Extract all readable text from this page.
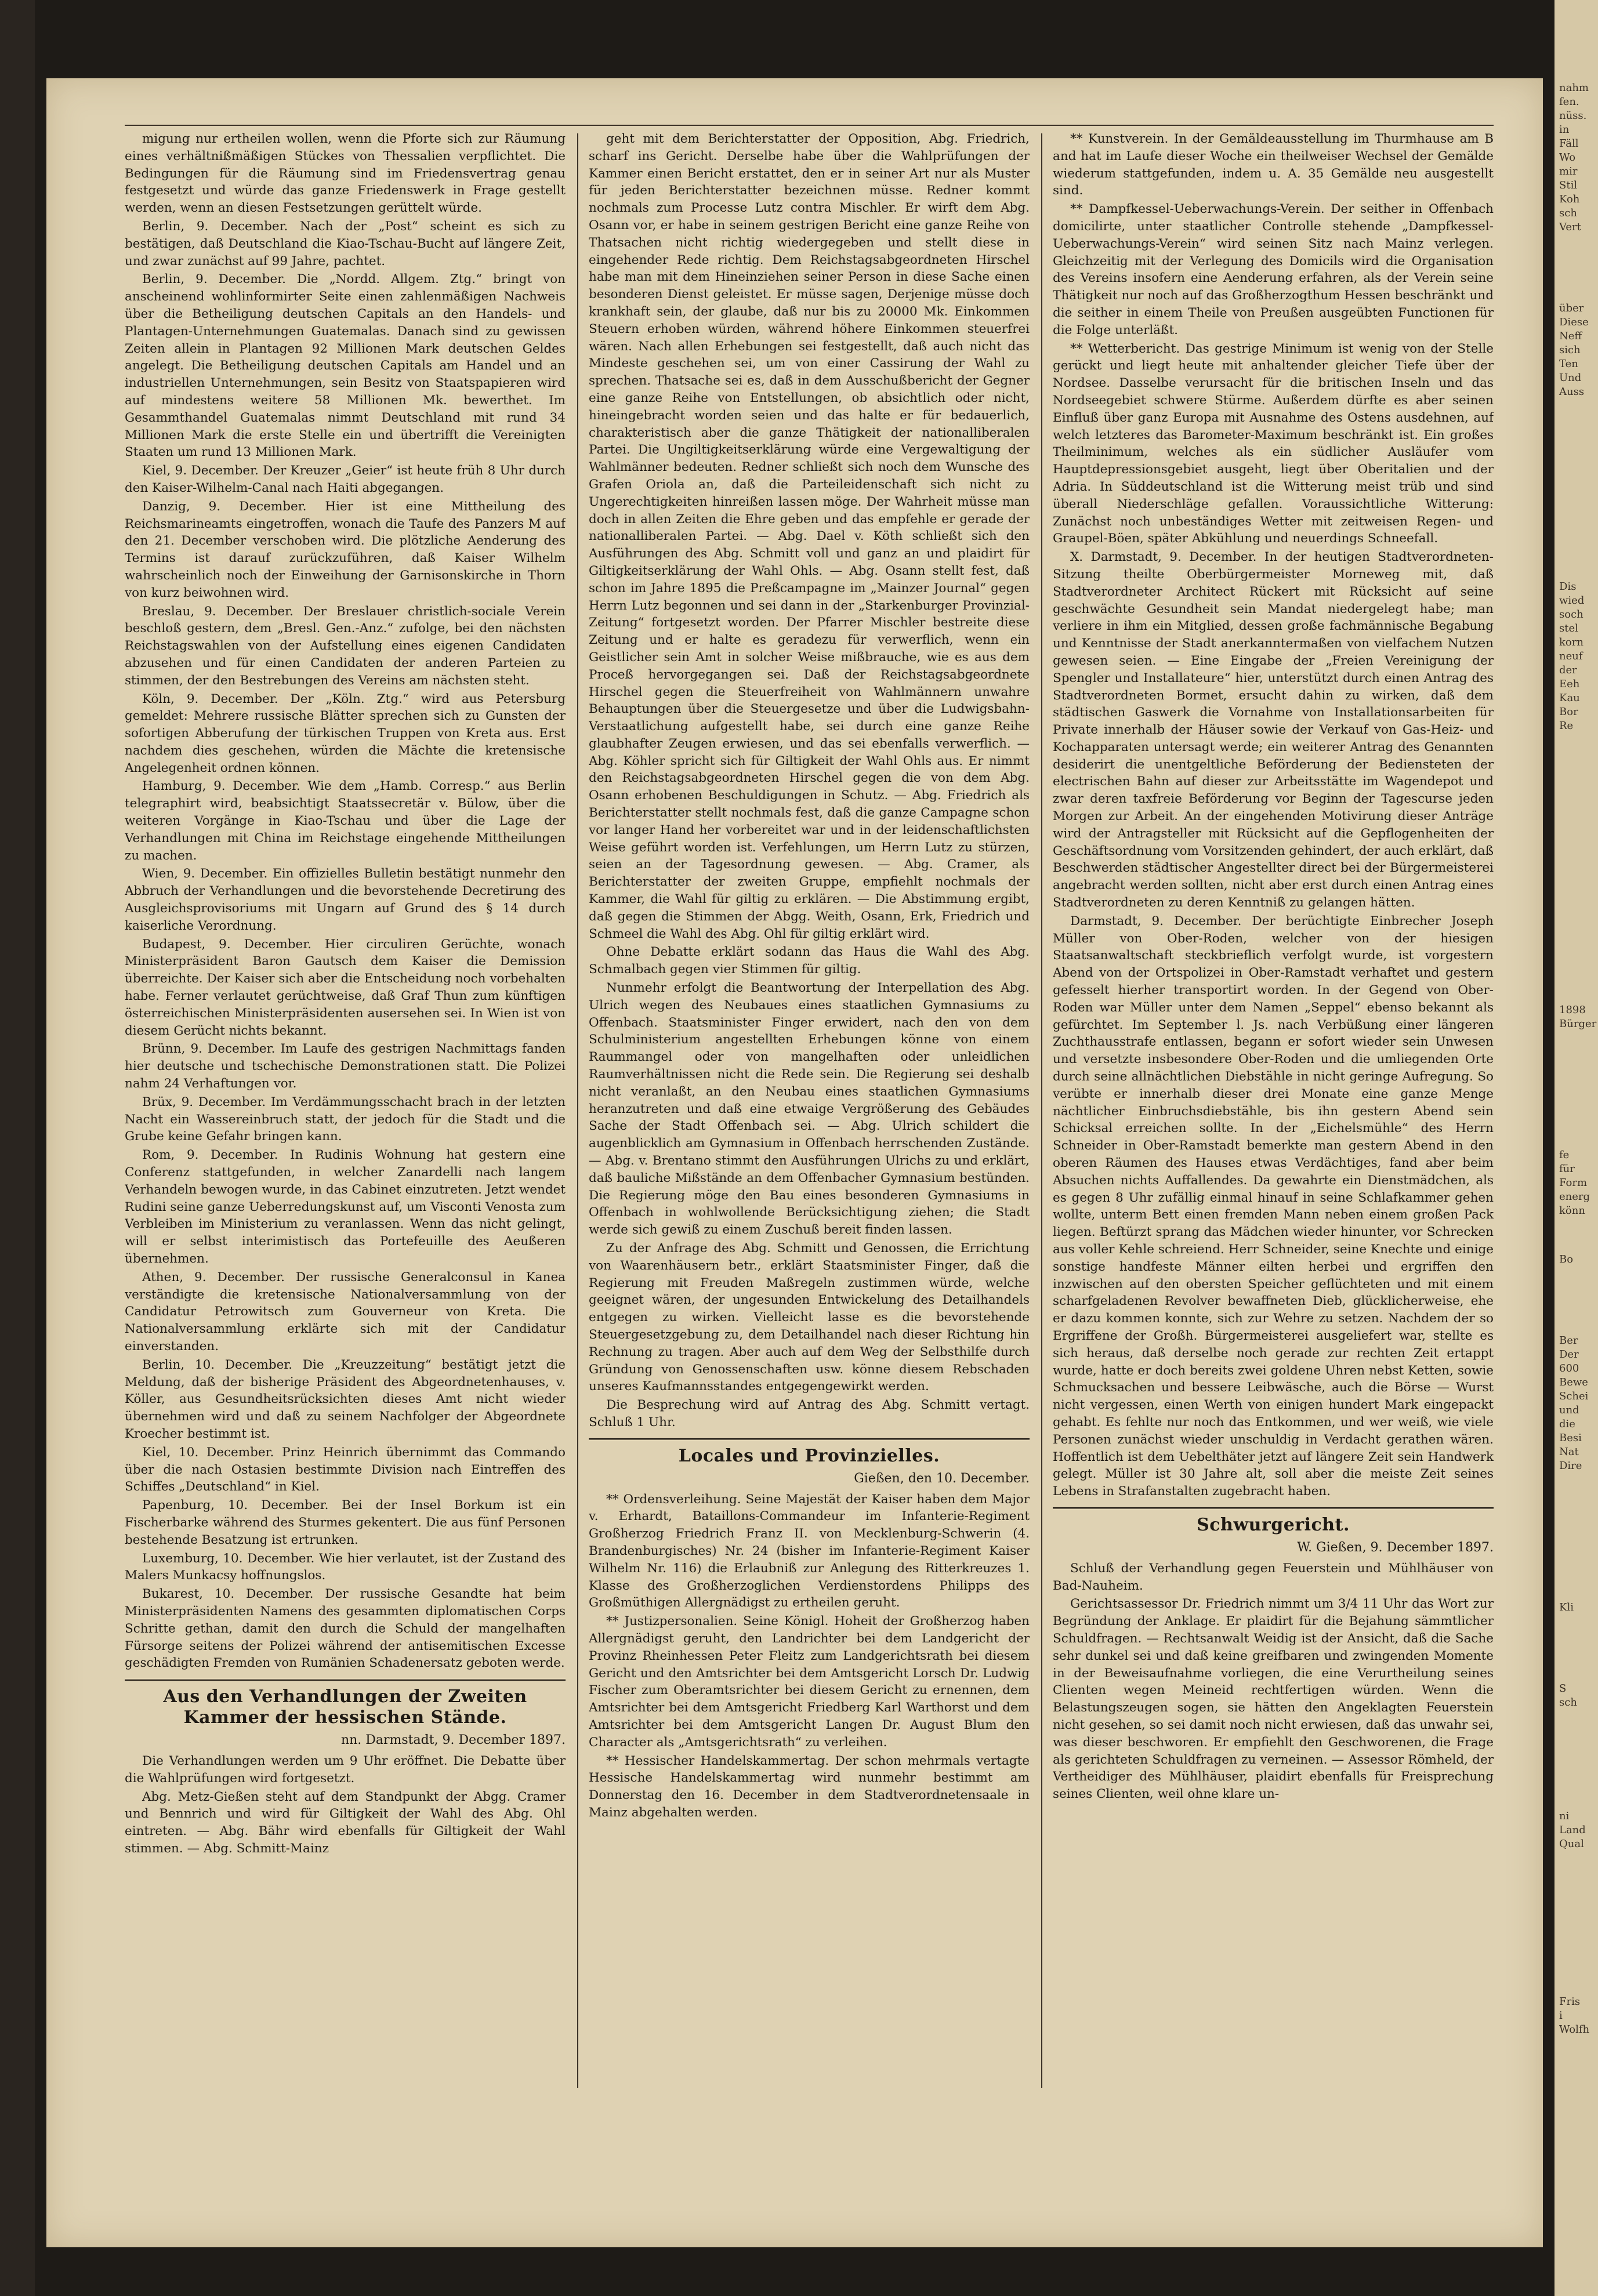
migung nur ertheilen wollen, wenn die Pforte sich zur Räumung eines verhältnißmäßigen Stückes von Thessalien verpflichtet. Die Bedingungen für die Räumung sind im Friedensvertrag genau festgesetzt und würde das ganze Friedenswerk in Frage gestellt werden, wenn an diesen Festsetzungen gerüttelt würde.

Berlin, 9. December. Nach der „Post“ scheint es sich zu bestätigen, daß Deutschland die Kiao-Tschau-Bucht auf längere Zeit, und zwar zunächst auf 99 Jahre, pachtet.

Berlin, 9. December. Die „Nordd. Allgem. Ztg.“ bringt von anscheinend wohlinformirter Seite einen zahlenmäßigen Nachweis über die Betheiligung deutschen Capitals an den Handels- und Plantagen-Unternehmungen Guatemalas. Danach sind zu gewissen Zeiten allein in Plantagen 92 Millionen Mark deutschen Geldes angelegt. Die Betheiligung deutschen Capitals am Handel und an industriellen Unternehmungen, sein Besitz von Staatspapieren wird auf mindestens weitere 58 Millionen Mk. bewerthet. Im Gesammthandel Guatemalas nimmt Deutschland mit rund 34 Millionen Mark die erste Stelle ein und übertrifft die Vereinigten Staaten um rund 13 Millionen Mark.

Kiel, 9. December. Der Kreuzer „Geier“ ist heute früh 8 Uhr durch den Kaiser-Wilhelm-Canal nach Haiti abgegangen.

Danzig, 9. December. Hier ist eine Mittheilung des Reichsmarineamts eingetroffen, wonach die Taufe des Panzers M auf den 21. December verschoben wird. Die plötzliche Aenderung des Termins ist darauf zurückzuführen, daß Kaiser Wilhelm wahrscheinlich noch der Einweihung der Garnisonskirche in Thorn von kurz beiwohnen wird.

Breslau, 9. December. Der Breslauer christlich-sociale Verein beschloß gestern, dem „Bresl. Gen.-Anz.“ zufolge, bei den nächsten Reichstagswahlen von der Aufstellung eines eigenen Candidaten abzusehen und für einen Candidaten der anderen Parteien zu stimmen, der den Bestrebungen des Vereins am nächsten steht.

Köln, 9. December. Der „Köln. Ztg.“ wird aus Petersburg gemeldet: Mehrere russische Blätter sprechen sich zu Gunsten der sofortigen Abberufung der türkischen Truppen von Kreta aus. Erst nachdem dies geschehen, würden die Mächte die kretensische Angelegenheit ordnen können.

Hamburg, 9. December. Wie dem „Hamb. Corresp.“ aus Berlin telegraphirt wird, beabsichtigt Staatssecretär v. Bülow, über die weiteren Vorgänge in Kiao-Tschau und über die Lage der Verhandlungen mit China im Reichstage eingehende Mittheilungen zu machen.

Wien, 9. December. Ein offizielles Bulletin bestätigt nunmehr den Abbruch der Verhandlungen und die bevorstehende Decretirung des Ausgleichsprovisoriums mit Ungarn auf Grund des § 14 durch kaiserliche Verordnung.

Budapest, 9. December. Hier circuliren Gerüchte, wonach Ministerpräsident Baron Gautsch dem Kaiser die Demission überreichte. Der Kaiser sich aber die Entscheidung noch vorbehalten habe. Ferner verlautet gerüchtweise, daß Graf Thun zum künftigen österreichischen Ministerpräsidenten ausersehen sei. In Wien ist von diesem Gerücht nichts bekannt.

Brünn, 9. December. Im Laufe des gestrigen Nachmittags fanden hier deutsche und tschechische Demonstrationen statt. Die Polizei nahm 24 Verhaftungen vor.

Brüx, 9. December. Im Verdämmungsschacht brach in der letzten Nacht ein Wassereinbruch statt, der jedoch für die Stadt und die Grube keine Gefahr bringen kann.

Rom, 9. December. In Rudinis Wohnung hat gestern eine Conferenz stattgefunden, in welcher Zanardelli nach langem Verhandeln bewogen wurde, in das Cabinet einzutreten. Jetzt wendet Rudini seine ganze Ueberredungskunst auf, um Visconti Venosta zum Verbleiben im Ministerium zu veranlassen. Wenn das nicht gelingt, will er selbst interimistisch das Portefeuille des Aeußeren übernehmen.

Athen, 9. December. Der russische Generalconsul in Kanea verständigte die kretensische Nationalversammlung von der Candidatur Petrowitsch zum Gouverneur von Kreta. Die Nationalversammlung erklärte sich mit der Candidatur einverstanden.

Berlin, 10. December. Die „Kreuzzeitung“ bestätigt jetzt die Meldung, daß der bisherige Präsident des Abgeordnetenhauses, v. Köller, aus Gesundheitsrücksichten dieses Amt nicht wieder übernehmen wird und daß zu seinem Nachfolger der Abgeordnete Kroecher bestimmt ist.

Kiel, 10. December. Prinz Heinrich übernimmt das Commando über die nach Ostasien bestimmte Division nach Eintreffen des Schiffes „Deutschland“ in Kiel.

Papenburg, 10. December. Bei der Insel Borkum ist ein Fischerbarke während des Sturmes gekentert. Die aus fünf Personen bestehende Besatzung ist ertrunken.

Luxemburg, 10. December. Wie hier verlautet, ist der Zustand des Malers Munkacsy hoffnungslos.

Bukarest, 10. December. Der russische Gesandte hat beim Ministerpräsidenten Namens des gesammten diplomatischen Corps Schritte gethan, damit den durch die Schuld der mangelhaften Fürsorge seitens der Polizei während der antisemitischen Excesse geschädigten Fremden von Rumänien Schadenersatz geboten werde.

Aus den Verhandlungen der Zweiten Kammer der hessischen Stände.
nn. Darmstadt, 9. December 1897.

Die Verhandlungen werden um 9 Uhr eröffnet. Die Debatte über die Wahlprüfungen wird fortgesetzt.

Abg. Metz-Gießen steht auf dem Standpunkt der Abgg. Cramer und Bennrich und wird für Giltigkeit der Wahl des Abg. Ohl eintreten. — Abg. Bähr wird ebenfalls für Giltigkeit der Wahl stimmen. — Abg. Schmitt-Mainz

geht mit dem Berichterstatter der Opposition, Abg. Friedrich, scharf ins Gericht. Derselbe habe über die Wahlprüfungen der Kammer einen Bericht erstattet, den er in seiner Art nur als Muster für jeden Berichterstatter bezeichnen müsse. Redner kommt nochmals zum Processe Lutz contra Mischler. Er wirft dem Abg. Osann vor, er habe in seinem gestrigen Bericht eine ganze Reihe von Thatsachen nicht richtig wiedergegeben und stellt diese in eingehender Rede richtig. Dem Reichstagsabgeordneten Hirschel habe man mit dem Hineinziehen seiner Person in diese Sache einen besonderen Dienst geleistet. Er müsse sagen, Derjenige müsse doch krankhaft sein, der glaube, daß nur bis zu 20000 Mk. Einkommen Steuern erhoben würden, während höhere Einkommen steuerfrei wären. Nach allen Erhebungen sei festgestellt, daß auch nicht das Mindeste geschehen sei, um von einer Cassirung der Wahl zu sprechen. Thatsache sei es, daß in dem Ausschußbericht der Gegner eine ganze Reihe von Entstellungen, ob absichtlich oder nicht, hineingebracht worden seien und das halte er für bedauerlich, charakteristisch aber die ganze Thätigkeit der nationalliberalen Partei. Die Ungiltigkeitserklärung würde eine Vergewaltigung der Wahlmänner bedeuten. Redner schließt sich noch dem Wunsche des Grafen Oriola an, daß die Parteileidenschaft sich nicht zu Ungerechtigkeiten hinreißen lassen möge. Der Wahrheit müsse man doch in allen Zeiten die Ehre geben und das empfehle er gerade der nationalliberalen Partei. — Abg. Dael v. Köth schließt sich den Ausführungen des Abg. Schmitt voll und ganz an und plaidirt für Giltigkeitserklärung der Wahl Ohls. — Abg. Osann stellt fest, daß schon im Jahre 1895 die Preßcampagne im „Mainzer Journal“ gegen Herrn Lutz begonnen und sei dann in der „Starkenburger Provinzial-Zeitung“ fortgesetzt worden. Der Pfarrer Mischler bestreite diese Zeitung und er halte es geradezu für verwerflich, wenn ein Geistlicher sein Amt in solcher Weise mißbrauche, wie es aus dem Proceß hervorgegangen sei. Daß der Reichstagsabgeordnete Hirschel gegen die Steuerfreiheit von Wahlmännern unwahre Behauptungen über die Steuergesetze und über die Ludwigsbahn-Verstaatlichung aufgestellt habe, sei durch eine ganze Reihe glaubhafter Zeugen erwiesen, und das sei ebenfalls verwerflich. — Abg. Köhler spricht sich für Giltigkeit der Wahl Ohls aus. Er nimmt den Reichstagsabgeordneten Hirschel gegen die von dem Abg. Osann erhobenen Beschuldigungen in Schutz. — Abg. Friedrich als Berichterstatter stellt nochmals fest, daß die ganze Campagne schon vor langer Hand her vorbereitet war und in der leidenschaftlichsten Weise geführt worden ist. Verfehlungen, um Herrn Lutz zu stürzen, seien an der Tagesordnung gewesen. — Abg. Cramer, als Berichterstatter der zweiten Gruppe, empfiehlt nochmals der Kammer, die Wahl für giltig zu erklären. — Die Abstimmung ergibt, daß gegen die Stimmen der Abgg. Weith, Osann, Erk, Friedrich und Schmeel die Wahl des Abg. Ohl für giltig erklärt wird.

Ohne Debatte erklärt sodann das Haus die Wahl des Abg. Schmalbach gegen vier Stimmen für giltig.

Nunmehr erfolgt die Beantwortung der Interpellation des Abg. Ulrich wegen des Neubaues eines staatlichen Gymnasiums zu Offenbach. Staatsminister Finger erwidert, nach den von dem Schulministerium angestellten Erhebungen könne von einem Raummangel oder von mangelhaften oder unleidlichen Raumverhältnissen nicht die Rede sein. Die Regierung sei deshalb nicht veranlaßt, an den Neubau eines staatlichen Gymnasiums heranzutreten und daß eine etwaige Vergrößerung des Gebäudes Sache der Stadt Offenbach sei. — Abg. Ulrich schildert die augenblicklich am Gymnasium in Offenbach herrschenden Zustände. — Abg. v. Brentano stimmt den Ausführungen Ulrichs zu und erklärt, daß bauliche Mißstände an dem Offenbacher Gymnasium bestünden. Die Regierung möge den Bau eines besonderen Gymnasiums in Offenbach in wohlwollende Berücksichtigung ziehen; die Stadt werde sich gewiß zu einem Zuschuß bereit finden lassen.

Zu der Anfrage des Abg. Schmitt und Genossen, die Errichtung von Waarenhäusern betr., erklärt Staatsminister Finger, daß die Regierung mit Freuden Maßregeln zustimmen würde, welche geeignet wären, der ungesunden Entwickelung des Detailhandels entgegen zu wirken. Vielleicht lasse es die bevorstehende Steuergesetzgebung zu, dem Detailhandel nach dieser Richtung hin Rechnung zu tragen. Aber auch auf dem Weg der Selbsthilfe durch Gründung von Genossenschaften usw. könne diesem Rebschaden unseres Kaufmannsstandes entgegengewirkt werden.

Die Besprechung wird auf Antrag des Abg. Schmitt vertagt. Schluß 1 Uhr.

Locales und Provinzielles.
Gießen, den 10. December.

** Ordensverleihung. Seine Majestät der Kaiser haben dem Major v. Erhardt, Bataillons-Commandeur im Infanterie-Regiment Großherzog Friedrich Franz II. von Mecklenburg-Schwerin (4. Brandenburgisches) Nr. 24 (bisher im Infanterie-Regiment Kaiser Wilhelm Nr. 116) die Erlaubniß zur Anlegung des Ritterkreuzes 1. Klasse des Großherzoglichen Verdienstordens Philipps des Großmüthigen Allergnädigst zu ertheilen geruht.

** Justizpersonalien. Seine Königl. Hoheit der Großherzog haben Allergnädigst geruht, den Landrichter bei dem Landgericht der Provinz Rheinhessen Peter Fleitz zum Landgerichtsrath bei diesem Gericht und den Amtsrichter bei dem Amtsgericht Lorsch Dr. Ludwig Fischer zum Oberamtsrichter bei diesem Gericht zu ernennen, dem Amtsrichter bei dem Amtsgericht Friedberg Karl Warthorst und dem Amtsrichter bei dem Amtsgericht Langen Dr. August Blum den Character als „Amtsgerichtsrath“ zu verleihen.

** Hessischer Handelskammertag. Der schon mehrmals vertagte Hessische Handelskammertag wird nunmehr bestimmt am Donnerstag den 16. December in dem Stadtverordnetensaale in Mainz abgehalten werden.

** Kunstverein. In der Gemäldeausstellung im Thurmhause am B and hat im Laufe dieser Woche ein theilweiser Wechsel der Gemälde wiederum stattgefunden, indem u. A. 35 Gemälde neu ausgestellt sind.

** Dampfkessel-Ueberwachungs-Verein. Der seither in Offenbach domicilirte, unter staatlicher Controlle stehende „Dampfkessel-Ueberwachungs-Verein“ wird seinen Sitz nach Mainz verlegen. Gleichzeitig mit der Verlegung des Domicils wird die Organisation des Vereins insofern eine Aenderung erfahren, als der Verein seine Thätigkeit nur noch auf das Großherzogthum Hessen beschränkt und die seither in einem Theile von Preußen ausgeübten Functionen für die Folge unterläßt.

** Wetterbericht. Das gestrige Minimum ist wenig von der Stelle gerückt und liegt heute mit anhaltender gleicher Tiefe über der Nordsee. Dasselbe verursacht für die britischen Inseln und das Nordseegebiet schwere Stürme. Außerdem dürfte es aber seinen Einfluß über ganz Europa mit Ausnahme des Ostens ausdehnen, auf welch letzteres das Barometer-Maximum beschränkt ist. Ein großes Theilminimum, welches als ein südlicher Ausläufer vom Hauptdepressionsgebiet ausgeht, liegt über Oberitalien und der Adria. In Süddeutschland ist die Witterung meist trüb und sind überall Niederschläge gefallen. Voraussichtliche Witterung: Zunächst noch unbeständiges Wetter mit zeitweisen Regen- und Graupel-Böen, später Abkühlung und neuerdings Schneefall.

X. Darmstadt, 9. December. In der heutigen Stadtverordneten-Sitzung theilte Oberbürgermeister Morneweg mit, daß Stadtverordneter Architect Rückert mit Rücksicht auf seine geschwächte Gesundheit sein Mandat niedergelegt habe; man verliere in ihm ein Mitglied, dessen große fachmännische Begabung und Kenntnisse der Stadt anerkanntermaßen von vielfachem Nutzen gewesen seien. — Eine Eingabe der „Freien Vereinigung der Spengler und Installateure“ hier, unterstützt durch einen Antrag des Stadtverordneten Bormet, ersucht dahin zu wirken, daß dem städtischen Gaswerk die Vornahme von Installationsarbeiten für Private innerhalb der Häuser sowie der Verkauf von Gas-Heiz- und Kochapparaten untersagt werde; ein weiterer Antrag des Genannten desiderirt die unentgeltliche Beförderung der Bediensteten der electrischen Bahn auf dieser zur Arbeitsstätte im Wagendepot und zwar deren taxfreie Beförderung vor Beginn der Tagescurse jeden Morgen zur Arbeit. An der eingehenden Motivirung dieser Anträge wird der Antragsteller mit Rücksicht auf die Gepflogenheiten der Geschäftsordnung vom Vorsitzenden gehindert, der auch erklärt, daß Beschwerden städtischer Angestellter direct bei der Bürgermeisterei angebracht werden sollten, nicht aber erst durch einen Antrag eines Stadtverordneten zu deren Kenntniß zu gelangen hätten.

Darmstadt, 9. December. Der berüchtigte Einbrecher Joseph Müller von Ober-Roden, welcher von der hiesigen Staatsanwaltschaft steckbrieflich verfolgt wurde, ist vorgestern Abend von der Ortspolizei in Ober-Ramstadt verhaftet und gestern gefesselt hierher transportirt worden. In der Gegend von Ober-Roden war Müller unter dem Namen „Seppel“ ebenso bekannt als gefürchtet. Im September l. Js. nach Verbüßung einer längeren Zuchthausstrafe entlassen, begann er sofort wieder sein Unwesen und versetzte insbesondere Ober-Roden und die umliegenden Orte durch seine allnächtlichen Diebstähle in nicht geringe Aufregung. So verübte er innerhalb dieser drei Monate eine ganze Menge nächtlicher Einbruchsdiebstähle, bis ihn gestern Abend sein Schicksal erreichen sollte. In der „Eichelsmühle“ des Herrn Schneider in Ober-Ramstadt bemerkte man gestern Abend in den oberen Räumen des Hauses etwas Verdächtiges, fand aber beim Absuchen nichts Auffallendes. Da gewahrte ein Dienstmädchen, als es gegen 8 Uhr zufällig einmal hinauf in seine Schlafkammer gehen wollte, unterm Bett einen fremden Mann neben einem großen Pack liegen. Beftürzt sprang das Mädchen wieder hinunter, vor Schrecken aus voller Kehle schreiend. Herr Schneider, seine Knechte und einige sonstige handfeste Männer eilten herbei und ergriffen den inzwischen auf den obersten Speicher geflüchteten und mit einem scharfgeladenen Revolver bewaffneten Dieb, glücklicherweise, ehe er dazu kommen konnte, sich zur Wehre zu setzen. Nachdem der so Ergriffene der Großh. Bürgermeisterei ausgeliefert war, stellte es sich heraus, daß derselbe noch gerade zur rechten Zeit ertappt wurde, hatte er doch bereits zwei goldene Uhren nebst Ketten, sowie Schmucksachen und bessere Leibwäsche, auch die Börse — Wurst nicht vergessen, einen Werth von einigen hundert Mark eingepackt gehabt. Es fehlte nur noch das Entkommen, und wer weiß, wie viele Personen zunächst wieder unschuldig in Verdacht gerathen wären. Hoffentlich ist dem Uebelthäter jetzt auf längere Zeit sein Handwerk gelegt. Müller ist 30 Jahre alt, soll aber die meiste Zeit seines Lebens in Strafanstalten zugebracht haben.

Schwurgericht.
W. Gießen, 9. December 1897.

Schluß der Verhandlung gegen Feuerstein und Mühlhäuser von Bad-Nauheim.

Gerichtsassessor Dr. Friedrich nimmt um 3/4 11 Uhr das Wort zur Begründung der Anklage. Er plaidirt für die Bejahung sämmtlicher Schuldfragen. — Rechtsanwalt Weidig ist der Ansicht, daß die Sache sehr dunkel sei und daß keine greifbaren und zwingenden Momente in der Beweisaufnahme vorliegen, die eine Verurtheilung seines Clienten wegen Meineid rechtfertigen würden. Wenn die Belastungszeugen sogen, sie hätten den Angeklagten Feuerstein nicht gesehen, so sei damit noch nicht erwiesen, daß das unwahr sei, was dieser beschworen. Er empfiehlt den Geschworenen, die Frage als gerichteten Schuldfragen zu verneinen. — Assessor Römheld, der Vertheidiger des Mühlhäuser, plaidirt ebenfalls für Freisprechung seines Clienten, weil ohne klare un-

nahm
fen.
nüss.
in
Fäll
Wo
mir
Stil
Koh
sch
Vert
über
Diese
Neff
sich
Ten
Und
Auss
Dis
wied
soch
stel
korn
neuf
der
Eeh
Kau
Bor
Re
1898
Bürger
fe
für
Form
energ
könn
Bo
Ber
Der
600
Bewe
Schei
und
die
Besi
Nat
Dire
Kli
S
sch
ni
Land
Qual
Fris
i
Wolfh
